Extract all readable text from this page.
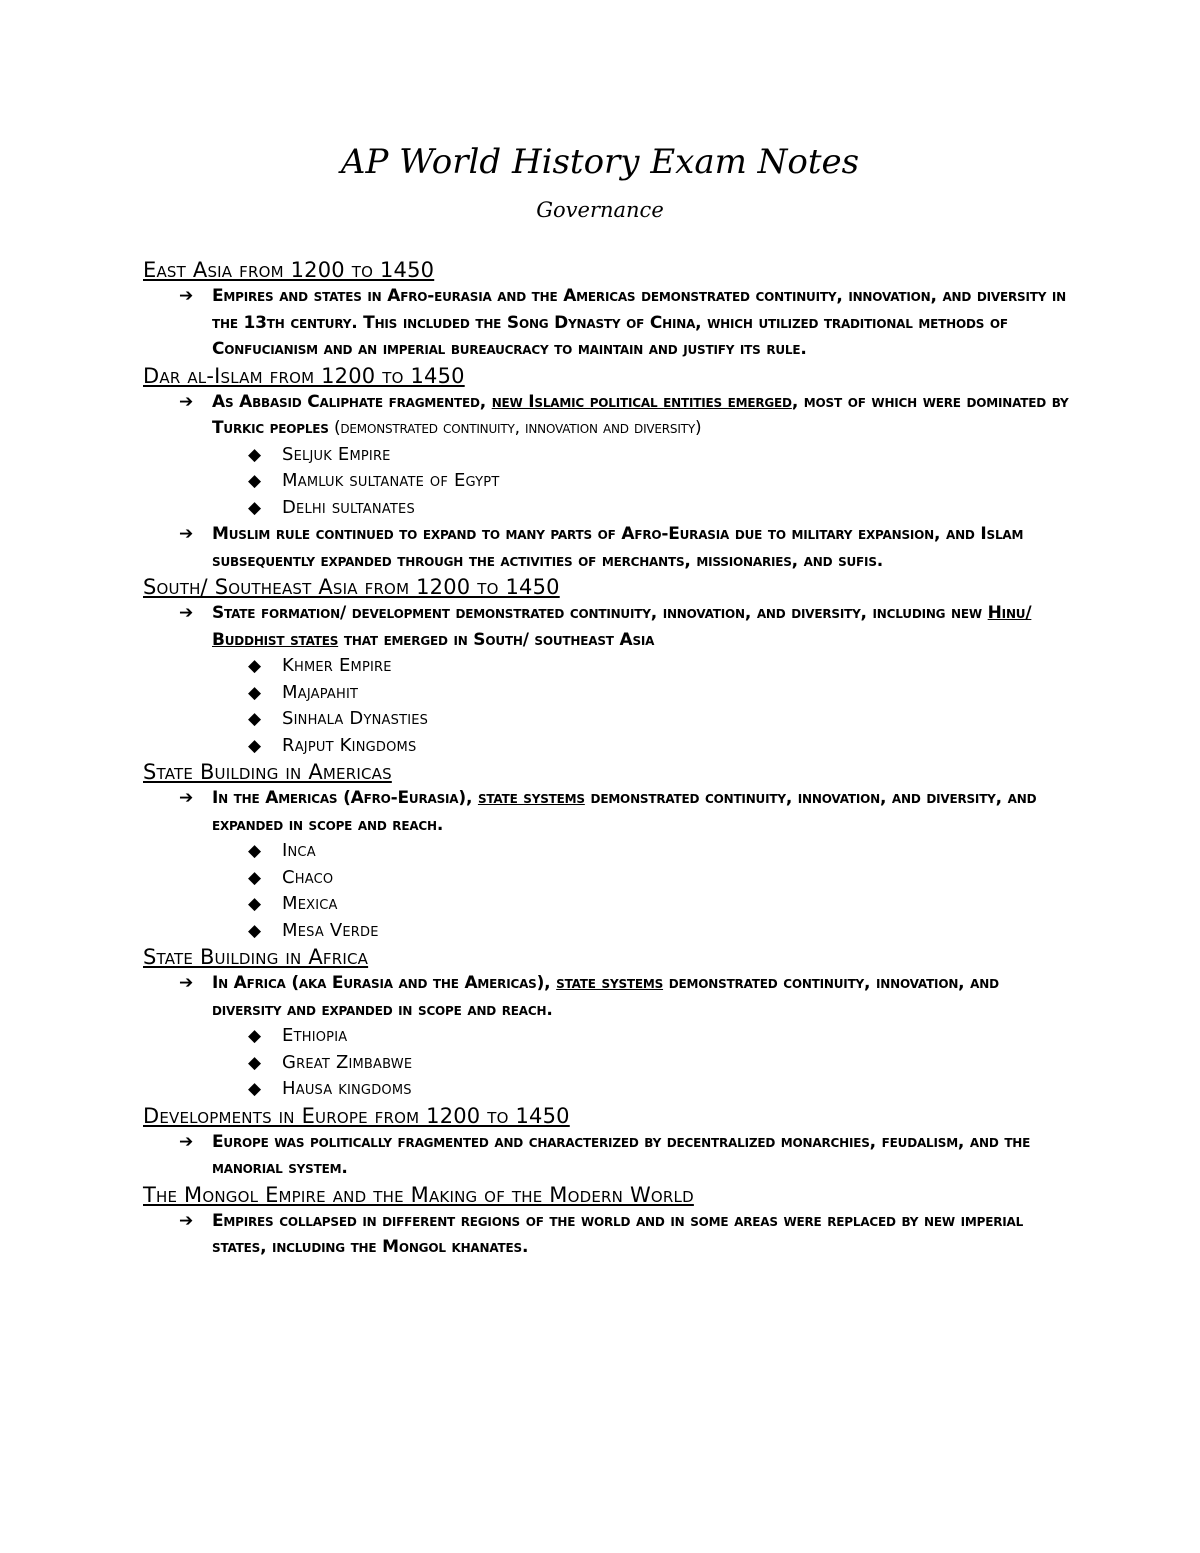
AP World History Exam Notes
Governance
East Asia from 1200 to 1450
➔ Empires and states in Afro-eurasia and the Americas demonstrated continuity, innovation, and diversity in the 13th century. This included the Song Dynasty of China, which utilized traditional methods of Confucianism and an imperial bureaucracy to maintain and justify its rule.
Dar al-Islam from 1200 to 1450
➔ As Abbasid Caliphate fragmented, new Islamic political entities emerged, most of which were dominated by Turkic peoples (demonstrated continuity, innovation and diversity)
◆ Seljuk Empire
◆ Mamluk sultanate of Egypt
◆ Delhi sultanates
➔ Muslim rule continued to expand to many parts of Afro-Eurasia due to military expansion, and Islam subsequently expanded through the activities of merchants, missionaries, and sufis.
South/ Southeast Asia from 1200 to 1450
➔ State formation/ development demonstrated continuity, innovation, and diversity, including new Hinu/ Buddhist states that emerged in South/ southeast Asia
◆ Khmer Empire
◆ Majapahit
◆ Sinhala Dynasties
◆ Rajput Kingdoms
State Building in Americas
➔ In the Americas (Afro-Eurasia), state systems demonstrated continuity, innovation, and diversity, and expanded in scope and reach.
◆ Inca
◆ Chaco
◆ Mexica
◆ Mesa Verde
State Building in Africa
➔ In Africa (aka Eurasia and the Americas), state systems demonstrated continuity, innovation, and diversity and expanded in scope and reach.
◆ Ethiopia
◆ Great Zimbabwe
◆ Hausa kingdoms
Developments in Europe from 1200 to 1450
➔ Europe was politically fragmented and characterized by decentralized monarchies, feudalism, and the manorial system.
The Mongol Empire and the Making of the Modern World
➔ Empires collapsed in different regions of the world and in some areas were replaced by new imperial states, including the Mongol khanates.
